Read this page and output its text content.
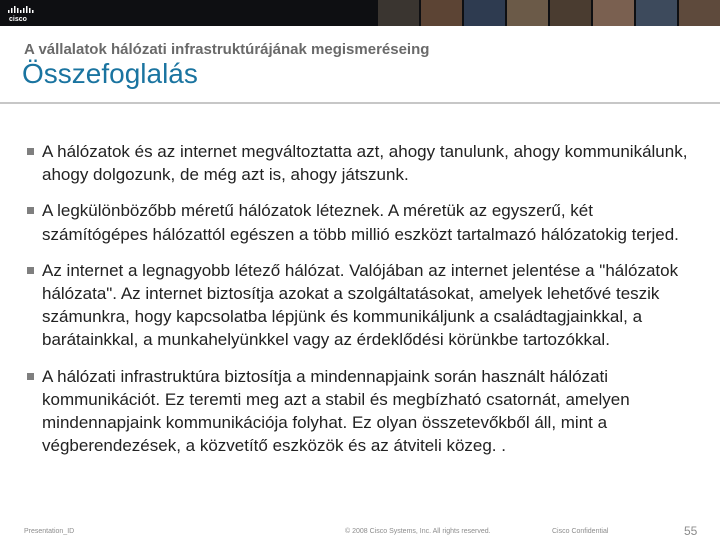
cisco
A vállalatok hálózati infrastruktúrájának megismeréseing
Összefoglalás
A hálózatok és az internet megváltoztatta azt, ahogy tanulunk, ahogy kommunikálunk, ahogy dolgozunk, de még azt is, ahogy játszunk.
A legkülönbözőbb méretű hálózatok léteznek. A méretük az egyszerű, két számítógépes hálózattól egészen a több millió eszközt tartalmazó hálózatokig terjed.
Az internet a legnagyobb létező hálózat. Valójában az internet jelentése a "hálózatok hálózata". Az internet biztosítja azokat a szolgáltatásokat, amelyek lehetővé teszik számunkra, hogy kapcsolatba lépjünk és kommunikáljunk a családtagjainkkal, a barátainkkal, a munkahelyünkkel vagy az érdeklődési körünkbe tartozókkal.
A hálózati infrastruktúra biztosítja a mindennapjaink során használt hálózati kommunikációt. Ez teremti meg azt a stabil és megbízható csatornát, amelyen mindennapjaink kommunikációja folyhat. Ez olyan összetevőkből áll, mint a végberendezések, a közvetítő eszközök és az átviteli közeg. .
Presentation_ID	© 2008 Cisco Systems, Inc. All rights reserved.	Cisco Confidential	55
